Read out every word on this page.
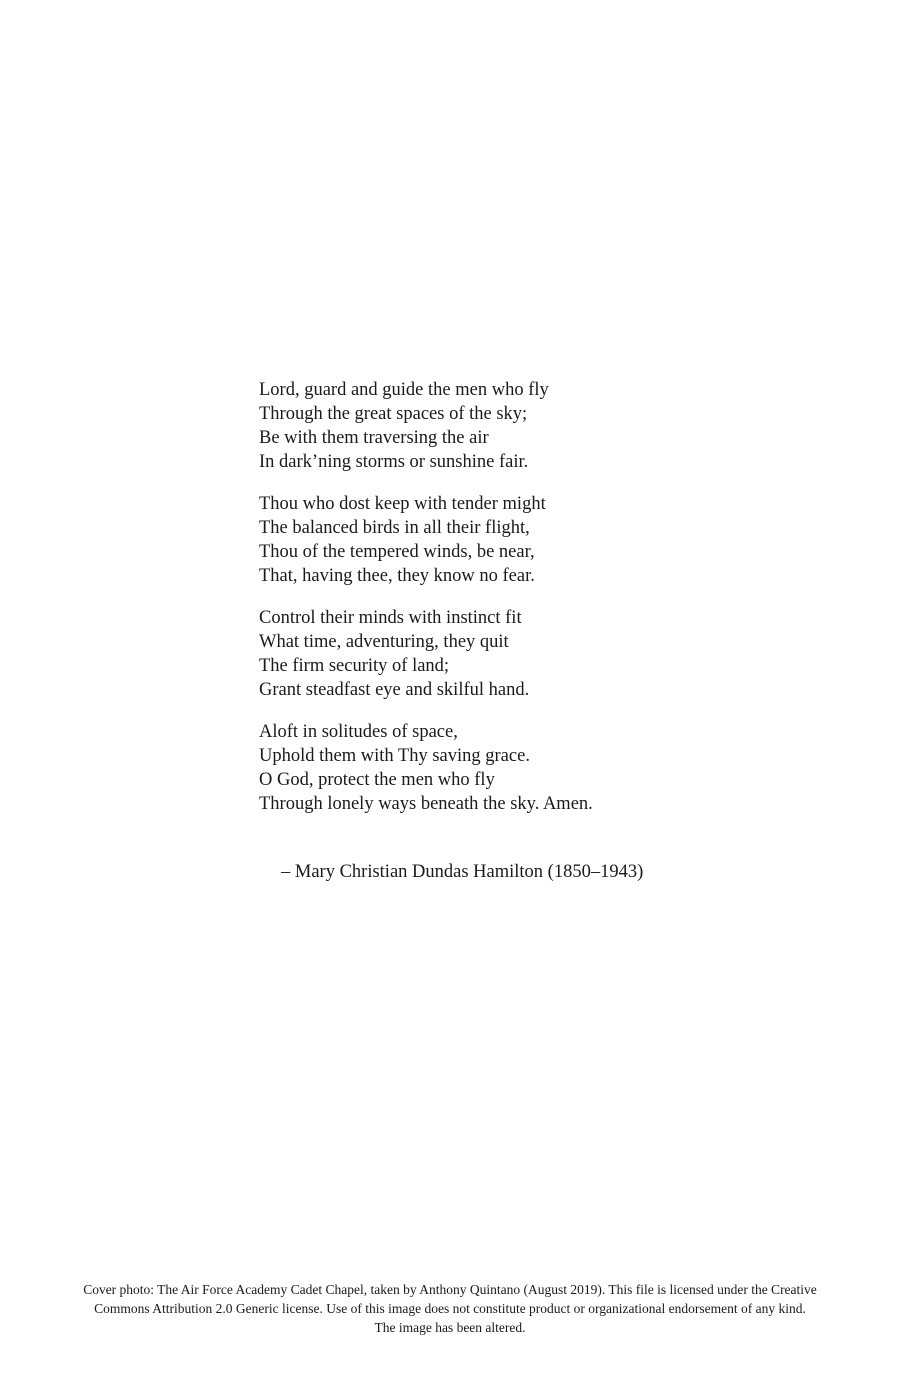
Lord, guard and guide the men who fly
Through the great spaces of the sky;
Be with them traversing the air
In dark’ning storms or sunshine fair.
Thou who dost keep with tender might
The balanced birds in all their flight,
Thou of the tempered winds, be near,
That, having thee, they know no fear.
Control their minds with instinct fit
What time, adventuring, they quit
The firm security of land;
Grant steadfast eye and skilful hand.
Aloft in solitudes of space,
Uphold them with Thy saving grace.
O God, protect the men who fly
Through lonely ways beneath the sky. Amen.
– Mary Christian Dundas Hamilton (1850–1943)
Cover photo: The Air Force Academy Cadet Chapel, taken by Anthony Quintano (August 2019). This file is licensed under the Creative
Commons Attribution 2.0 Generic license. Use of this image does not constitute product or organizational endorsement of any kind.
The image has been altered.
